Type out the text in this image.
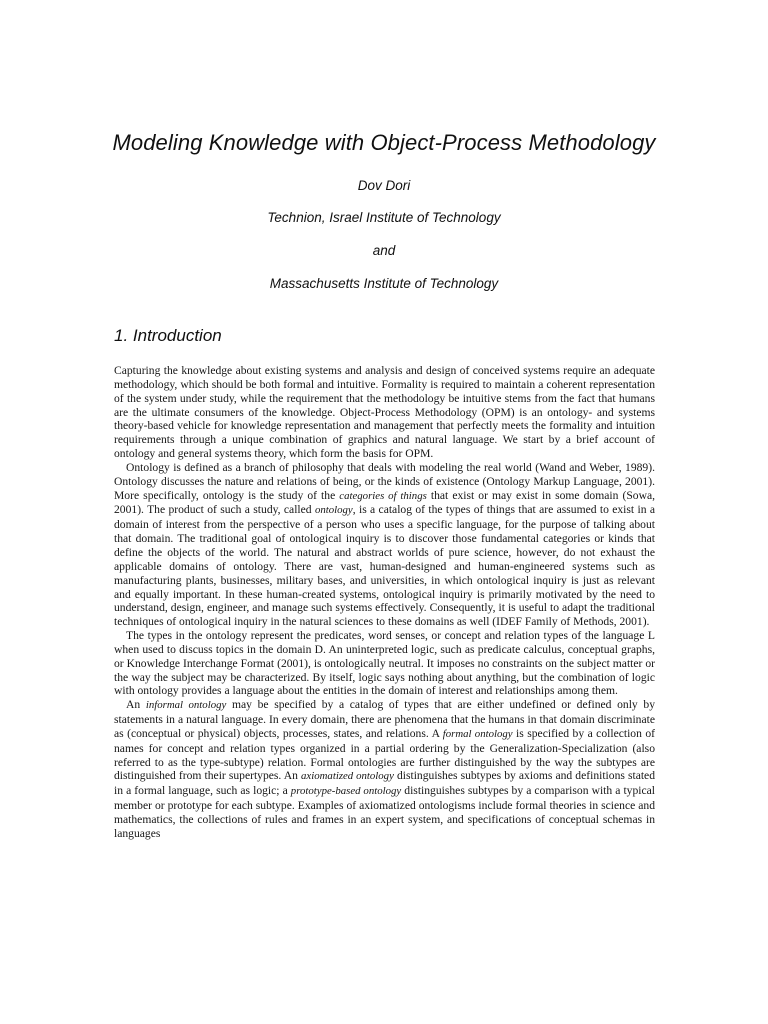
Modeling Knowledge with Object-Process Methodology
Dov Dori
Technion, Israel Institute of Technology
and
Massachusetts Institute of Technology
1. Introduction

Capturing the knowledge about existing systems and analysis and design of conceived systems require an adequate methodology, which should be both formal and intuitive. Formality is required to maintain a coherent representation of the system under study, while the requirement that the methodology be intuitive stems from the fact that humans are the ultimate consumers of the knowledge. Object-Process Methodology (OPM) is an ontology- and systems theory-based vehicle for knowledge representation and management that perfectly meets the formality and intuition requirements through a unique combination of graphics and natural language. We start by a brief account of ontology and general systems theory, which form the basis for OPM.

Ontology is defined as a branch of philosophy that deals with modeling the real world (Wand and Weber, 1989). Ontology discusses the nature and relations of being, or the kinds of existence (Ontology Markup Language, 2001). More specifically, ontology is the study of the categories of things that exist or may exist in some domain (Sowa, 2001). The product of such a study, called ontology, is a catalog of the types of things that are assumed to exist in a domain of interest from the perspective of a person who uses a specific language, for the purpose of talking about that domain. The traditional goal of ontological inquiry is to discover those fundamental categories or kinds that define the objects of the world. The natural and abstract worlds of pure science, however, do not exhaust the applicable domains of ontology. There are vast, human-designed and human-engineered systems such as manufacturing plants, businesses, military bases, and universities, in which ontological inquiry is just as relevant and equally important. In these human-created systems, ontological inquiry is primarily motivated by the need to understand, design, engineer, and manage such systems effectively. Consequently, it is useful to adapt the traditional techniques of ontological inquiry in the natural sciences to these domains as well (IDEF Family of Methods, 2001).

The types in the ontology represent the predicates, word senses, or concept and relation types of the language L when used to discuss topics in the domain D. An uninterpreted logic, such as predicate calculus, conceptual graphs, or Knowledge Interchange Format (2001), is ontologically neutral. It imposes no constraints on the subject matter or the way the subject may be characterized. By itself, logic says nothing about anything, but the combination of logic with ontology provides a language about the entities in the domain of interest and relationships among them.

An informal ontology may be specified by a catalog of types that are either undefined or defined only by statements in a natural language. In every domain, there are phenomena that the humans in that domain discriminate as (conceptual or physical) objects, processes, states, and relations. A formal ontology is specified by a collection of names for concept and relation types organized in a partial ordering by the Generalization-Specialization (also referred to as the type-subtype) relation. Formal ontologies are further distinguished by the way the subtypes are distinguished from their supertypes. An axiomatized ontology distinguishes subtypes by axioms and definitions stated in a formal language, such as logic; a prototype-based ontology distinguishes subtypes by a comparison with a typical member or prototype for each subtype. Examples of axiomatized ontologisms include formal theories in science and mathematics, the collections of rules and frames in an expert system, and specifications of conceptual schemas in languages
